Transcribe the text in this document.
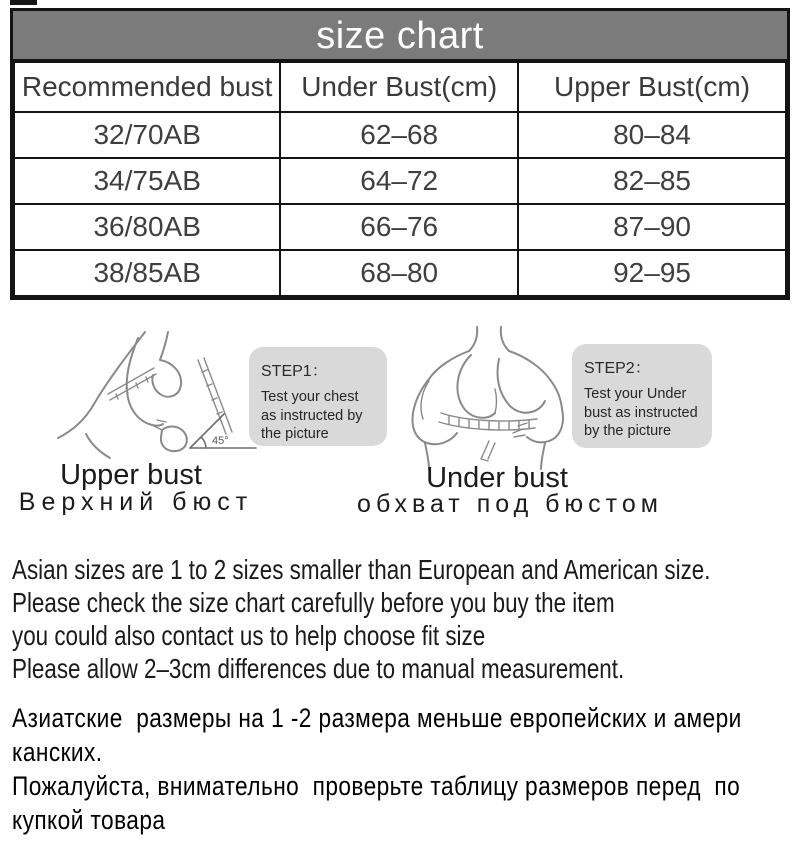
size chart
Recommended bust	Under Bust(cm)	Upper Bust(cm)
32/70AB	62–68	80–84
34/75AB	64–72	82–85
36/80AB	66–76	87–90
38/85AB	68–80	92–95
45°
STEP1：
Test your chest as instructed by the picture
STEP2：
Test your Under bust as instructed by the picture
Upper bust
Верхний бюст
Under bust
обхват под бюстом
Asian sizes are 1 to 2 sizes smaller than European and American size.
Please check the size chart carefully before you buy the item
you could also contact us to help choose fit size
Please allow 2–3cm differences due to manual measurement.
Азиатские  размеры на 1 -2 размера меньше европейских и амери
канских.
Пожалуйста, внимательно  проверьте таблицу размеров перед  по
купкой товара
